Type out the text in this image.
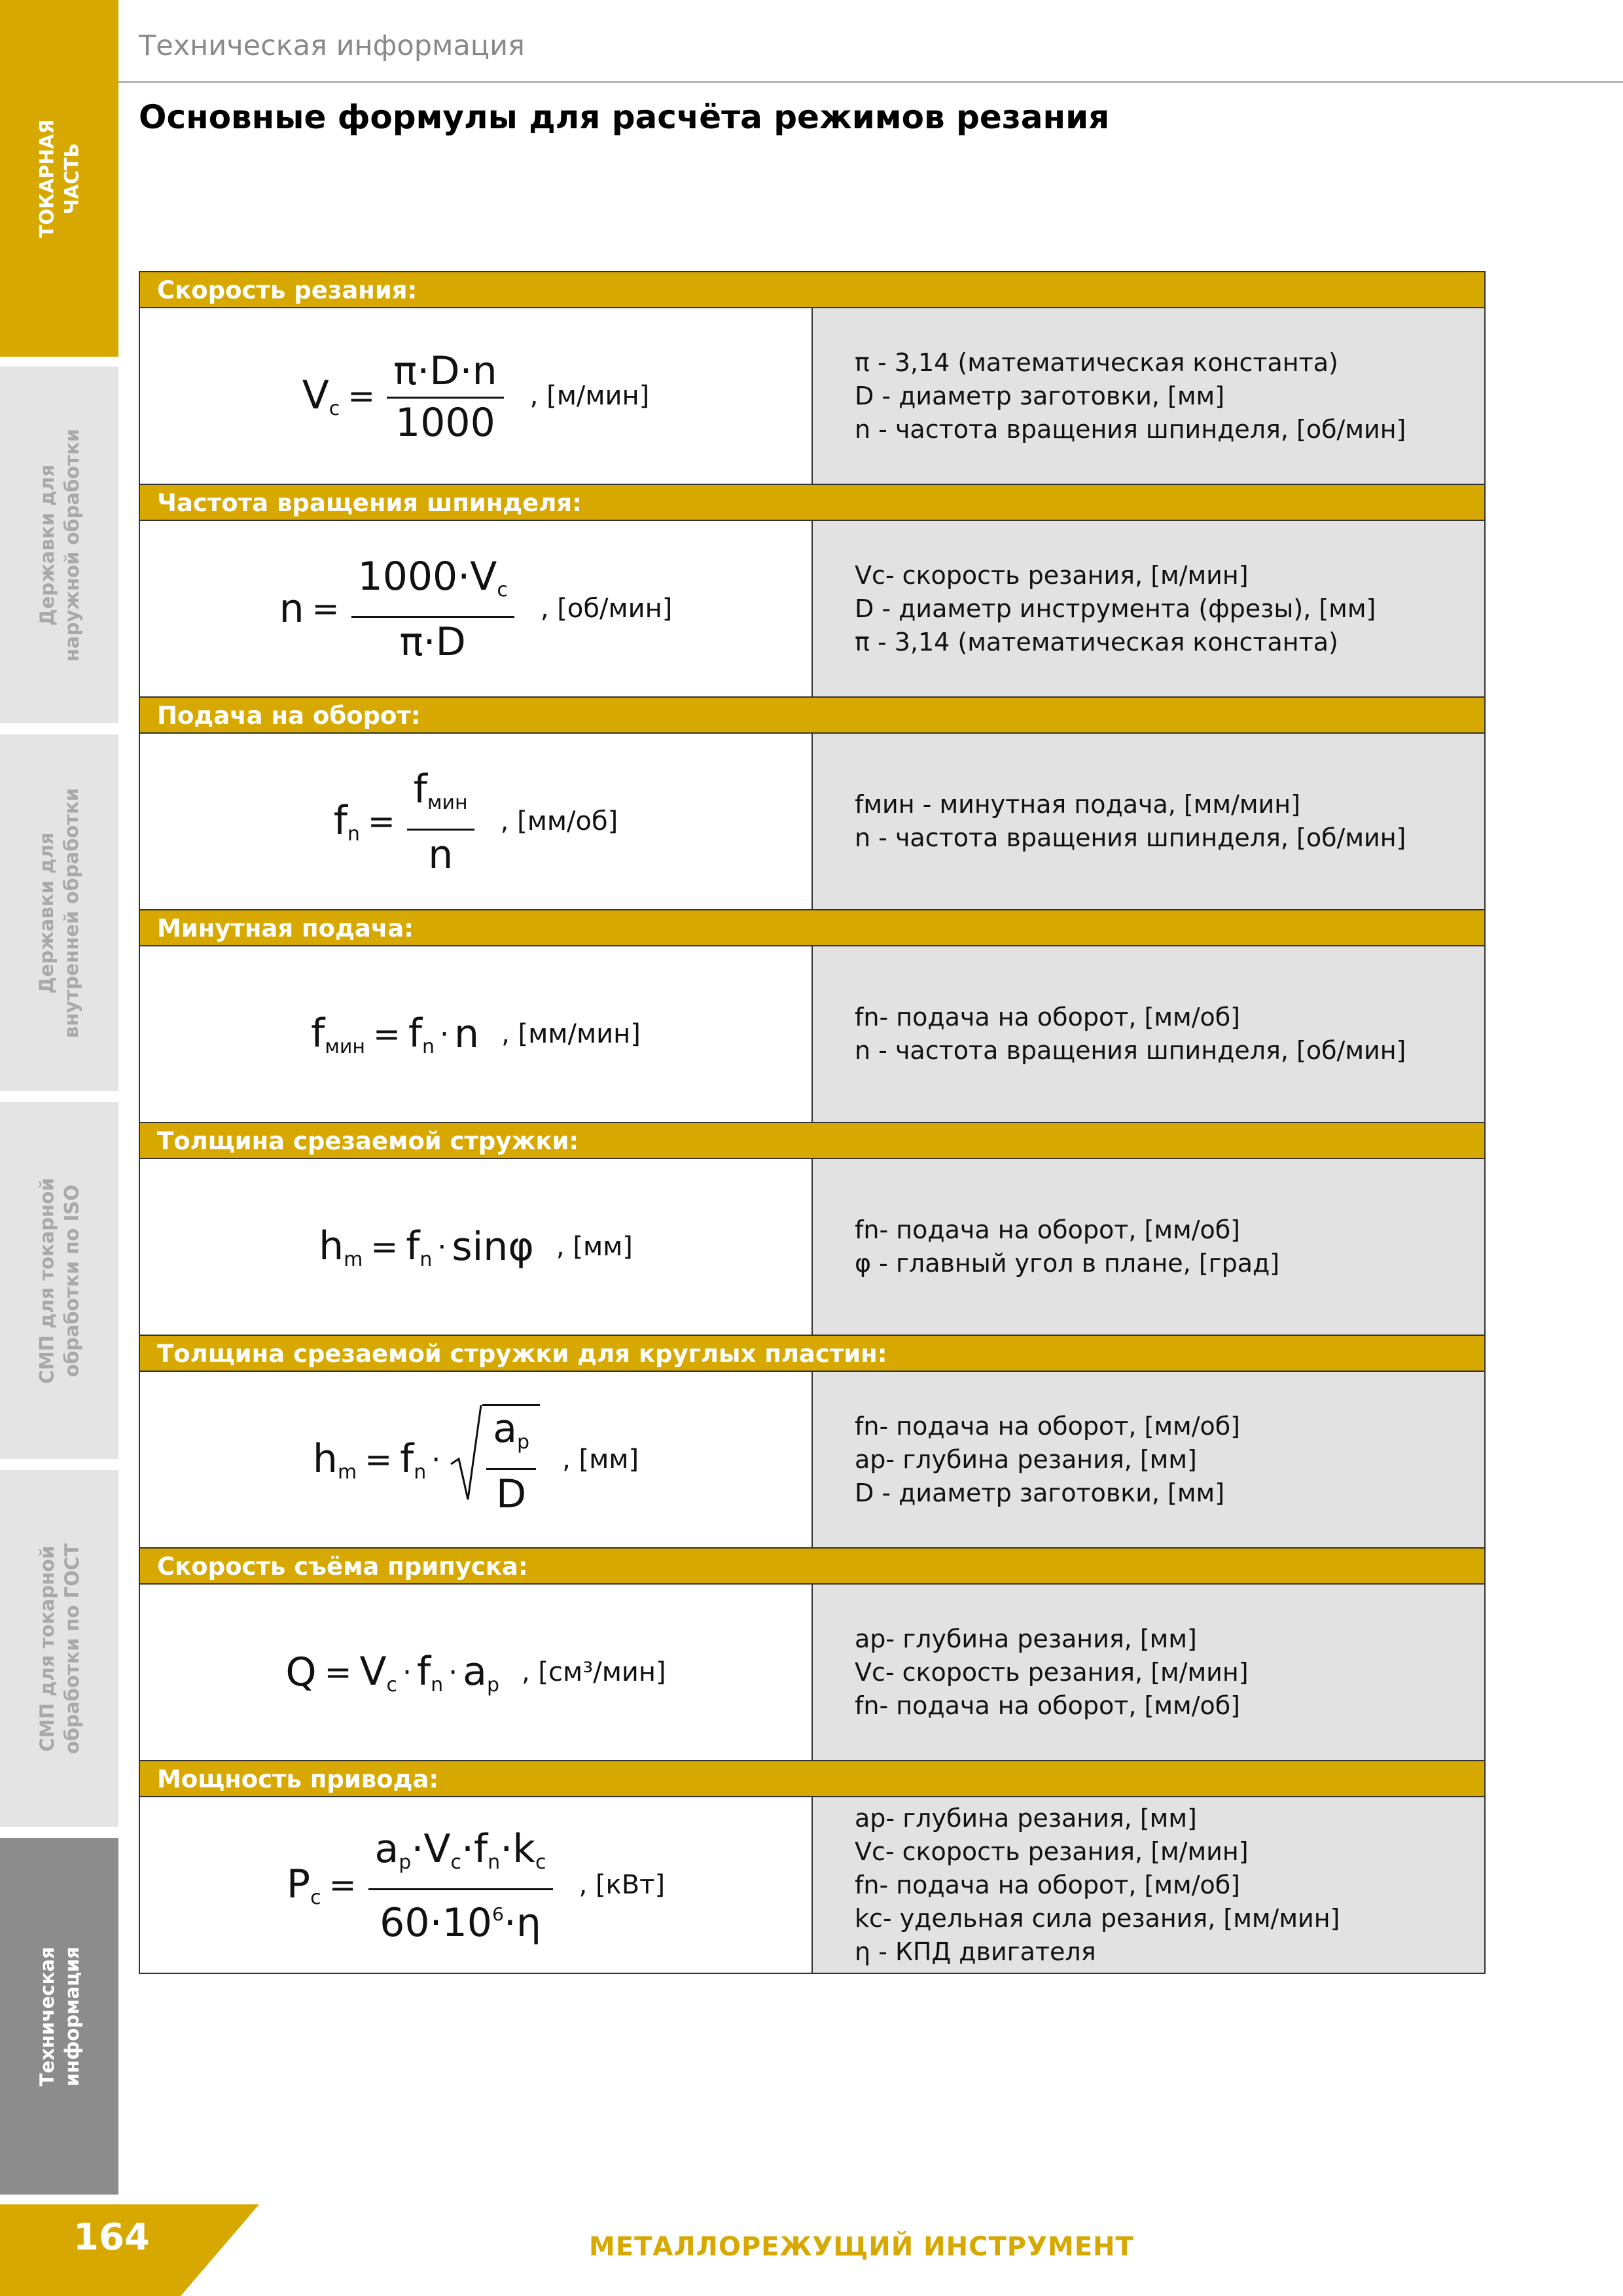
ТОКАРНАЯ
ЧАСТЬ
Державки для
наружной обработки
Державки для
внутренней обработки
СМП для токарной
обработки по ISO
СМП для токарной
обработки по ГОСТ
Техническая
информация
Техническая информация
Основные формулы для расчёта режимов резания
Скорость резания:
$V_c = \frac{\pi\cdot D\cdot n}{1000}$ , [м/мин]
π - 3,14 (математическая константа)
D - диаметр заготовки, [мм]
n - частота вращения шпинделя, [об/мин]
Частота вращения шпинделя:
$n = \frac{1000\cdot V_c}{\pi\cdot D}$ , [об/мин]
Vc- скорость резания, [м/мин]
D - диаметр инструмента (фрезы), [мм]
π - 3,14 (математическая константа)
Подача на оборот:
$f_n = \frac{f_{мин}}{n}$ , [мм/об]
fмин - минутная подача, [мм/мин]
n - частота вращения шпинделя, [об/мин]
Минутная подача:
$f_{мин} = f_n \cdot n$ , [мм/мин]
fn- подача на оборот, [мм/об]
n - частота вращения шпинделя, [об/мин]
Толщина срезаемой стружки:
$h_m = f_n \cdot \sin\varphi$ , [мм]
fn- подача на оборот, [мм/об]
φ - главный угол в плане, [град]
Толщина срезаемой стружки для круглых пластин:
$h_m = f_n \cdot \frac{a_p}{D}$ , [мм]
fn- подача на оборот, [мм/об]
ap- глубина резания, [мм]
D - диаметр заготовки, [мм]
Скорость съёма припуска:
$Q = V_c \cdot f_n \cdot a_p$ , [см³/мин]
ap- глубина резания, [мм]
Vc- скорость резания, [м/мин]
fn- подача на оборот, [мм/об]
Мощность привода:
$P_c = \frac{a_p\cdot V_c\cdot f_n\cdot k_c}{60\cdot 10^6\cdot\eta}$ , [кВт]
ap- глубина резания, [мм]
Vc- скорость резания, [м/мин]
fn- подача на оборот, [мм/об]
kc- удельная сила резания, [мм/мин]
η - КПД двигателя
164	МЕТАЛЛОРЕЖУЩИЙ ИНСТРУМЕНТ
